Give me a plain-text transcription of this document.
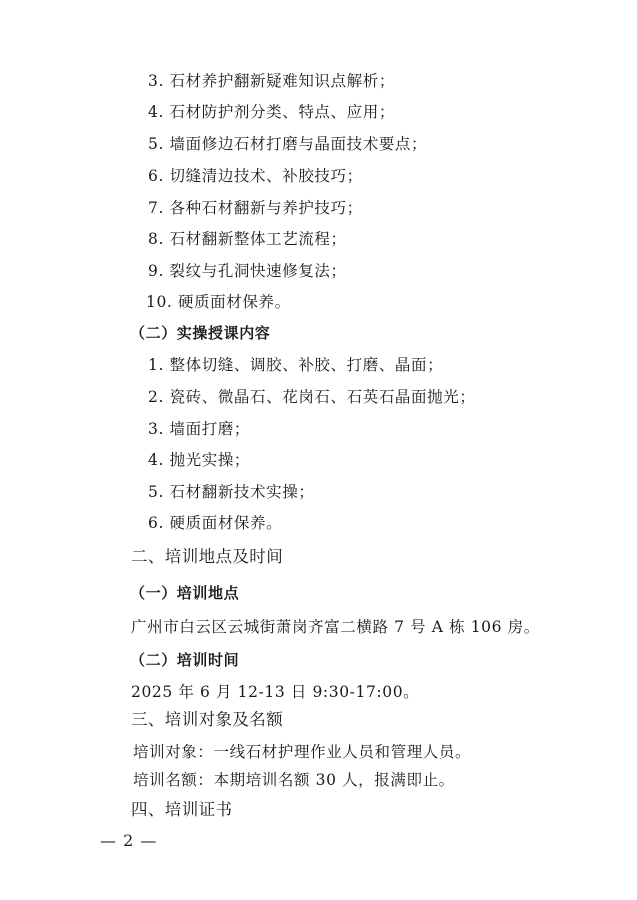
3. 石材养护翻新疑难知识点解析；
4. 石材防护剂分类、特点、应用；
5. 墙面修边石材打磨与晶面技术要点；
6. 切缝清边技术、补胶技巧；
7. 各种石材翻新与养护技巧；
8. 石材翻新整体工艺流程；
9. 裂纹与孔洞快速修复法；
10. 硬质面材保养。
（二）实操授课内容
1. 整体切缝、调胶、补胶、打磨、晶面；
2. 瓷砖、微晶石、花岗石、石英石晶面抛光；
3. 墙面打磨；
4. 抛光实操；
5. 石材翻新技术实操；
6. 硬质面材保养。
二、培训地点及时间
（一）培训地点
广州市白云区云城街萧岗齐富二横路 7 号 A 栋 106 房。
（二）培训时间
2025 年 6 月 12-13 日 9:30-17:00。
三、培训对象及名额
培训对象：一线石材护理作业人员和管理人员。
培训名额：本期培训名额 30 人，报满即止。
四、培训证书
— 2 —
